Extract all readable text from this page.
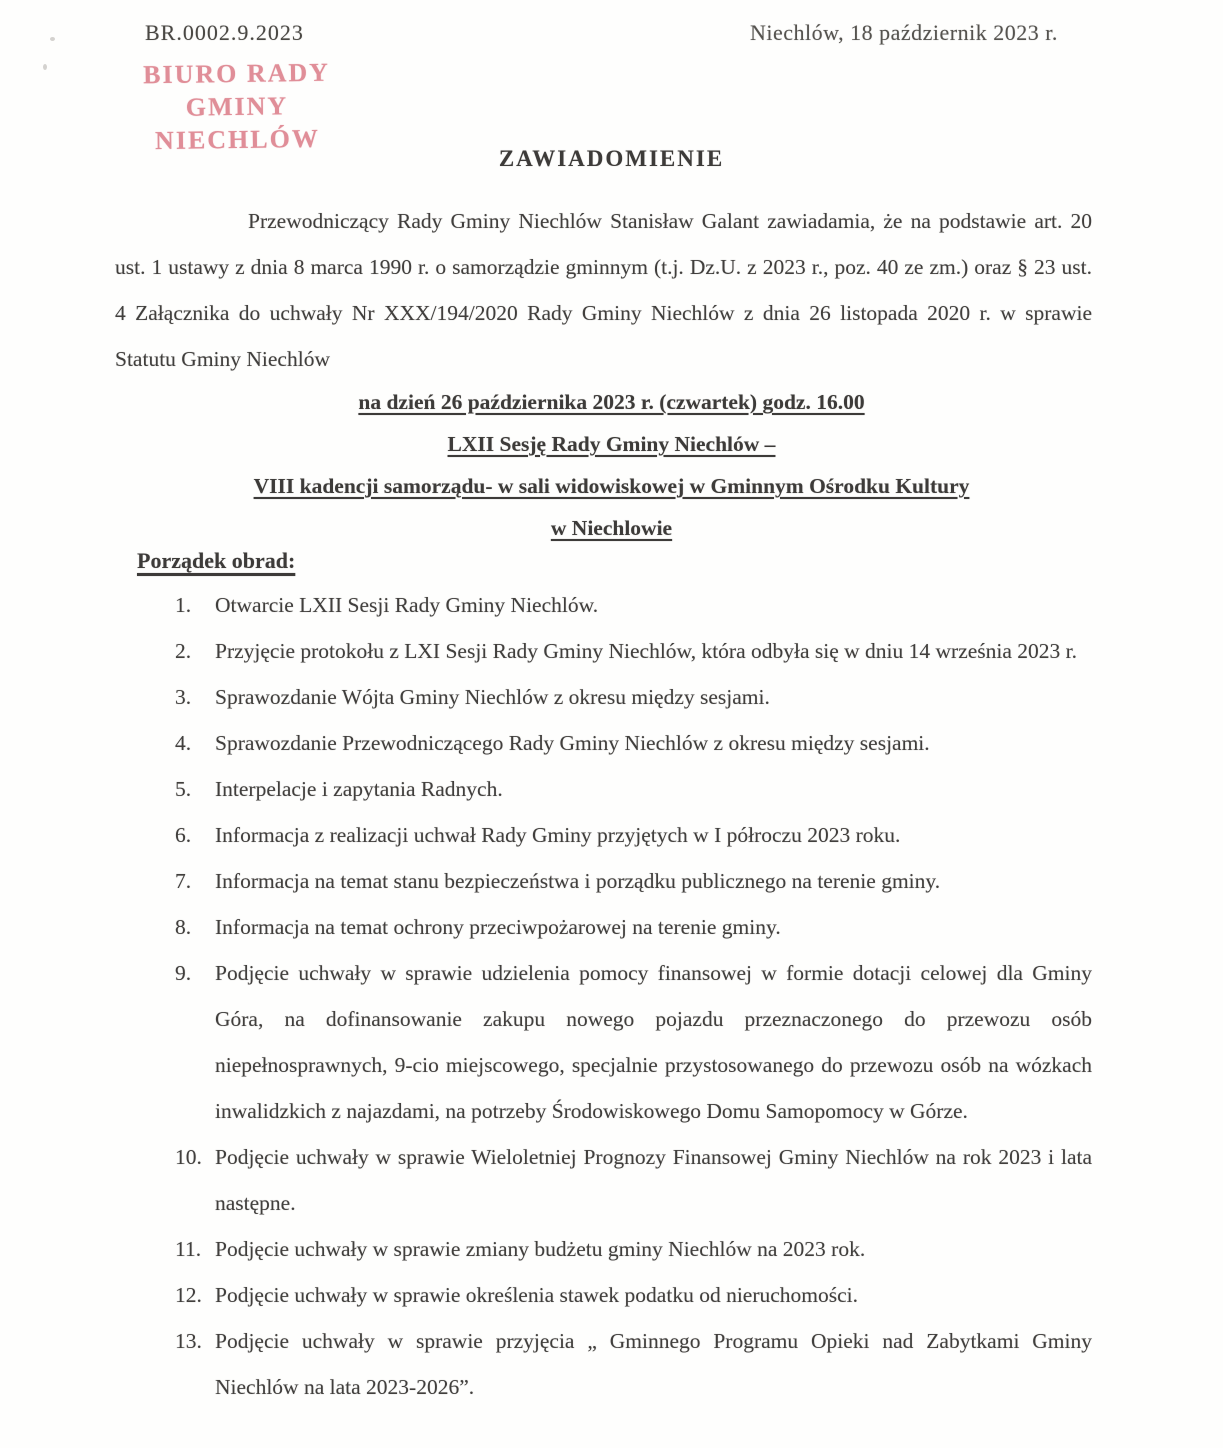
BR.0002.9.2023	Niechlów, 18 październik 2023 r.
BIURO RADY
GMINY NIECHLÓW
ZAWIADOMIENIE

Przewodniczący Rady Gminy Niechlów Stanisław Galant zawiadamia, że na podstawie art. 20 ust. 1 ustawy z dnia 8 marca 1990 r. o samorządzie gminnym (t.j. Dz.U. z 2023 r., poz. 40 ze zm.) oraz § 23 ust. 4 Załącznika do uchwały Nr XXX/194/2020 Rady Gminy Niechlów z dnia 26 listopada 2020 r. w sprawie Statutu Gminy Niechlów

na dzień 26 października 2023 r. (czwartek) godz. 16.00
LXII Sesję Rady Gminy Niechlów –
VIII kadencji samorządu- w sali widowiskowej w Gminnym Ośrodku Kultury
w Niechlowie
Porządek obrad:
1. Otwarcie LXII Sesji Rady Gminy Niechlów.
2. Przyjęcie protokołu z LXI Sesji Rady Gminy Niechlów, która odbyła się w dniu 14 września 2023 r.
3. Sprawozdanie Wójta Gminy Niechlów z okresu między sesjami.
4. Sprawozdanie Przewodniczącego Rady Gminy Niechlów z okresu między sesjami.
5. Interpelacje i zapytania Radnych.
6. Informacja z realizacji uchwał Rady Gminy przyjętych w I półroczu 2023 roku.
7. Informacja na temat stanu bezpieczeństwa i porządku publicznego na terenie gminy.
8. Informacja na temat ochrony przeciwpożarowej na terenie gminy.
9. Podjęcie uchwały w sprawie udzielenia pomocy finansowej w formie dotacji celowej dla Gminy Góra, na dofinansowanie zakupu nowego pojazdu przeznaczonego do przewozu osób niepełnosprawnych, 9-cio miejscowego, specjalnie przystosowanego do przewozu osób na wózkach inwalidzkich z najazdami, na potrzeby Środowiskowego Domu Samopomocy w Górze.
10. Podjęcie uchwały w sprawie Wieloletniej Prognozy Finansowej Gminy Niechlów na rok 2023 i lata następne.
11. Podjęcie uchwały w sprawie zmiany budżetu gminy Niechlów na 2023 rok.
12. Podjęcie uchwały w sprawie określenia stawek podatku od nieruchomości.
13. Podjęcie uchwały w sprawie przyjęcia „ Gminnego Programu Opieki nad Zabytkami Gminy Niechlów na lata 2023-2026”.
